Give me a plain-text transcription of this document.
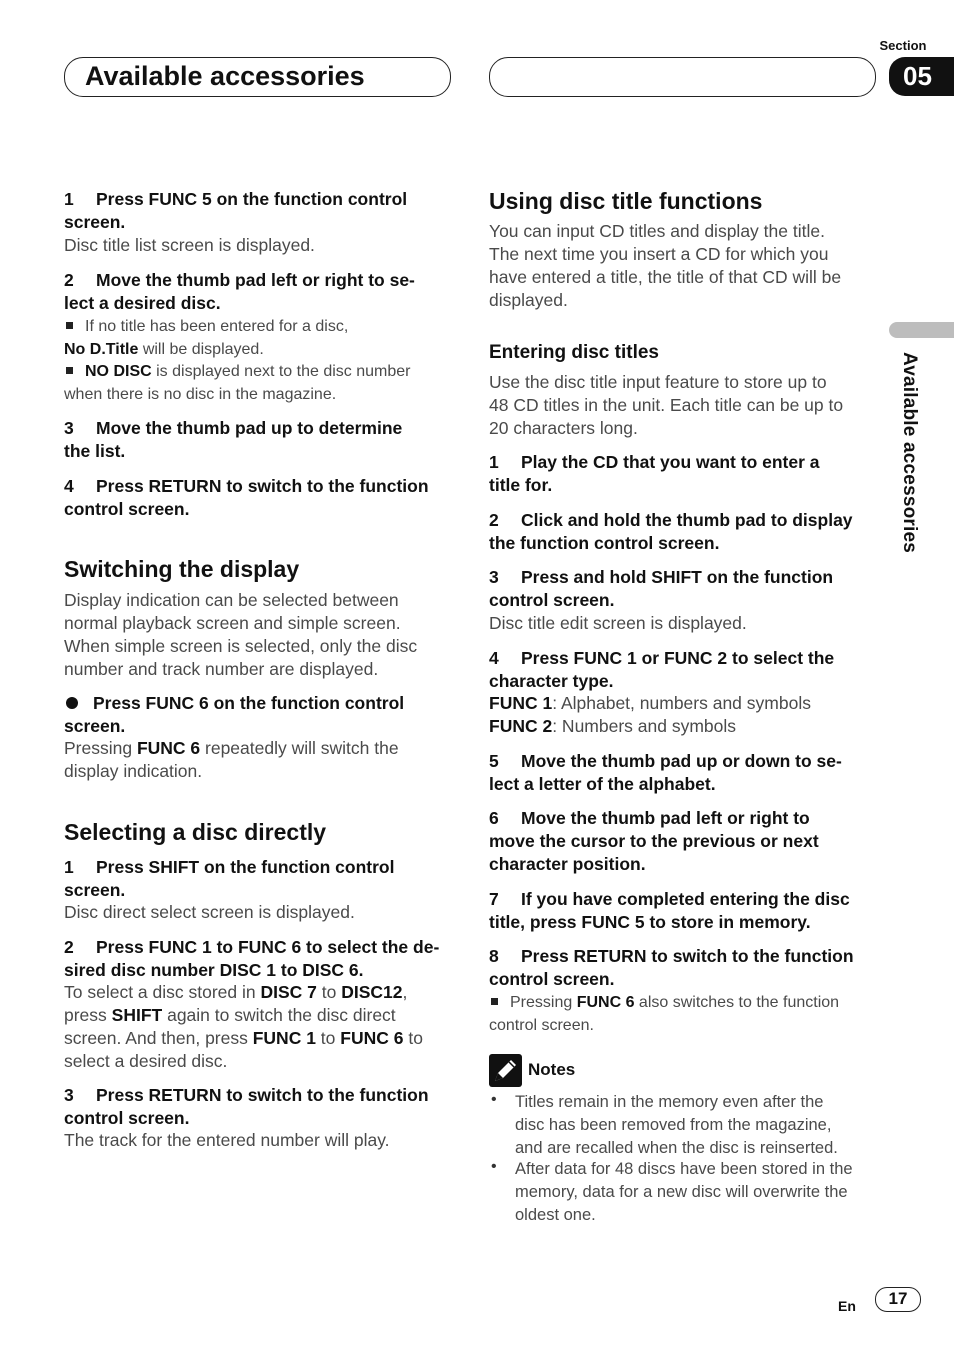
Available accessories
Section
05
Available accessories
1 Press FUNC 5 on the function control
screen.
Disc title list screen is displayed.
2 Move the thumb pad left or right to se-
lect a desired disc.
If no title has been entered for a disc,
No D.Title will be displayed.
NO DISC is displayed next to the disc number
when there is no disc in the magazine.
3 Move the thumb pad up to determine
the list.
4 Press RETURN to switch to the function
control screen.
Switching the display
Display indication can be selected between
normal playback screen and simple screen.
When simple screen is selected, only the disc
number and track number are displayed.
Press FUNC 6 on the function control
screen.
Pressing FUNC 6 repeatedly will switch the
display indication.
Selecting a disc directly
1 Press SHIFT on the function control
screen.
Disc direct select screen is displayed.
2 Press FUNC 1 to FUNC 6 to select the de-
sired disc number DISC 1 to DISC 6.
To select a disc stored in DISC 7 to DISC12,
press SHIFT again to switch the disc direct
screen. And then, press FUNC 1 to FUNC 6 to
select a desired disc.
3 Press RETURN to switch to the function
control screen.
The track for the entered number will play.
Using disc title functions
You can input CD titles and display the title.
The next time you insert a CD for which you
have entered a title, the title of that CD will be
displayed.
Entering disc titles
Use the disc title input feature to store up to
48 CD titles in the unit. Each title can be up to
20 characters long.
1 Play the CD that you want to enter a
title for.
2 Click and hold the thumb pad to display
the function control screen.
3 Press and hold SHIFT on the function
control screen.
Disc title edit screen is displayed.
4 Press FUNC 1 or FUNC 2 to select the
character type.
FUNC 1: Alphabet, numbers and symbols
FUNC 2: Numbers and symbols
5 Move the thumb pad up or down to se-
lect a letter of the alphabet.
6 Move the thumb pad left or right to
move the cursor to the previous or next
character position.
7 If you have completed entering the disc
title, press FUNC 5 to store in memory.
8 Press RETURN to switch to the function
control screen.
Pressing FUNC 6 also switches to the function
control screen.
Notes
• Titles remain in the memory even after the
disc has been removed from the magazine,
and are recalled when the disc is reinserted.
• After data for 48 discs have been stored in the
memory, data for a new disc will overwrite the
oldest one.
En	17
